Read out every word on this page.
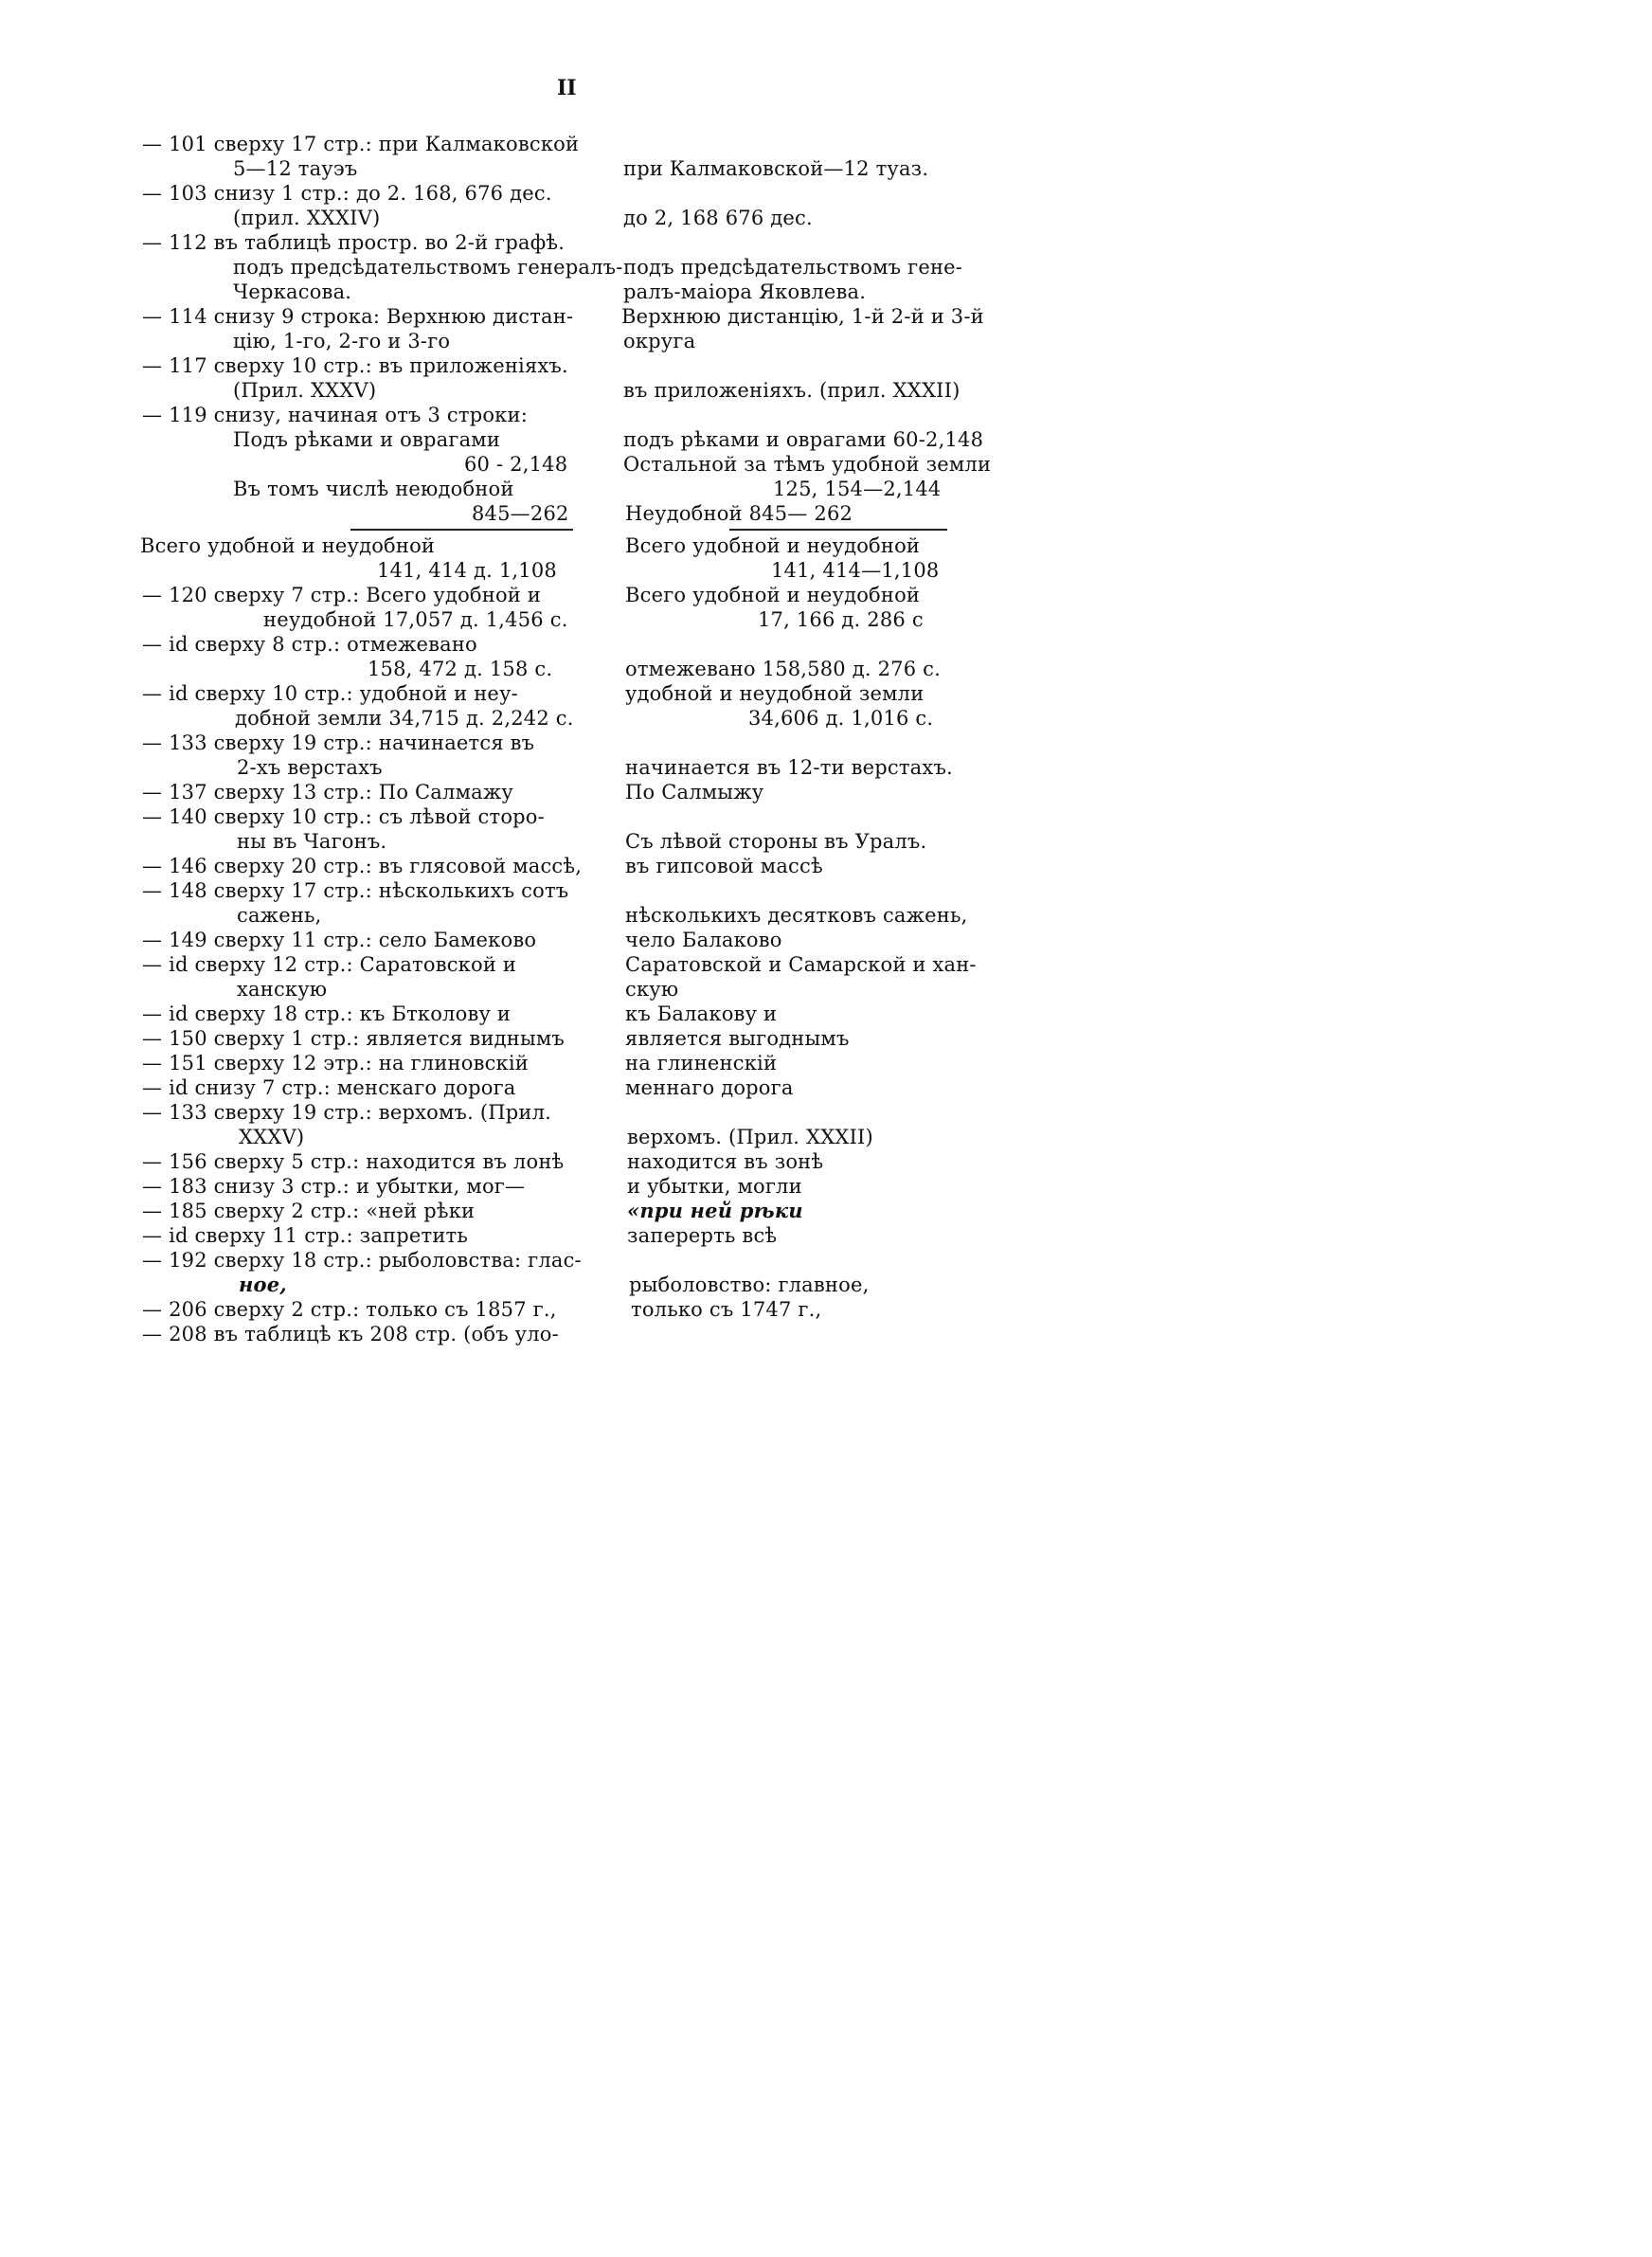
II
— 101 сверху 17 стр.: при Калмаковской
5—12 тауэъ
— 103 снизу 1 стр.: до 2. 168, 676 дес.
(прил. XXXIV)
— 112 въ таблицѣ простр. во 2-й графѣ.
подъ предсѣдательствомъ генералъ-
Черкасова.
— 114 снизу 9 строка: Верхнюю дистан-
цію, 1-го, 2-го и 3-го
— 117 сверху 10 стр.: въ приложеніяхъ.
(Прил. XXXV)
— 119 снизу, начиная отъ 3 строки:
Подъ рѣками и оврагами
60 - 2,148
Въ томъ числѣ неюдобной
845—262
Всего удобной и неудобной
141, 414 д. 1,108
— 120 сверху 7 стр.: Всего удобной и
неудобной 17,057 д. 1,456 с.
— id сверху 8 стр.: отмежевано
158, 472 д. 158 с.
— id сверху 10 стр.: удобной и неу-
добной земли 34,715 д. 2,242 с.
— 133 сверху 19 стр.: начинается въ
2-хъ верстахъ
— 137 сверху 13 стр.: По Салмажу
— 140 сверху 10 стр.: съ лѣвой сторо-
ны въ Чагонъ.
— 146 сверху 20 стр.: въ глясовой массѣ,
— 148 сверху 17 стр.: нѣсколькихъ сотъ
сажень,
— 149 сверху 11 стр.: село Бамеково
— id сверху 12 стр.: Саратовской и
ханскую
— id сверху 18 стр.: къ Бтколову и
— 150 сверху 1 стр.: является виднымъ
— 151 сверху 12 этр.: на глиновскій
— id снизу 7 стр.: менскаго дорога
— 133 сверху 19 стр.: верхомъ. (Прил.
XXXV)
— 156 сверху 5 стр.: находится въ лонѣ
— 183 снизу 3 стр.: и убытки, мог—
— 185 сверху 2 стр.: «ней рѣки
— id сверху 11 стр.: запретить
— 192 сверху 18 стр.: рыболовства: глас-
ное,
— 206 сверху 2 стр.: только съ 1857 г.,
— 208 въ таблицѣ къ 208 стр. (объ уло-
при Калмаковской—12 туаз.
до 2, 168 676 дес.
подъ предсѣдательствомъ гене-
ралъ-маіора Яковлева.
Верхнюю дистанцію, 1-й 2-й и 3-й
округа
въ приложеніяхъ. (прил. XXXII)
подъ рѣками и оврагами 60-2,148
Остальной за тѣмъ удобной земли
125, 154—2,144
Неудобной 845— 262
Всего удобной и неудобной
141, 414—1,108
Всего удобной и неудобной
17, 166 д. 286 с
отмежевано 158,580 д. 276 с.
удобной и неудобной земли
34,606 д. 1,016 с.
начинается въ 12-ти верстахъ.
По Салмыжу
Съ лѣвой стороны въ Уралъ.
въ гипсовой массѣ
нѣсколькихъ десятковъ сажень,
чело Балаково
Саратовской и Самарской и хан-
скую
къ Балакову и
является выгоднымъ
на глиненскій
меннаго дорога
верхомъ. (Прил. XXXII)
находится въ зонѣ
и убытки, могли
«при ней рѣки
заперерть всѣ
рыболовство: главное,
только съ 1747 г.,
